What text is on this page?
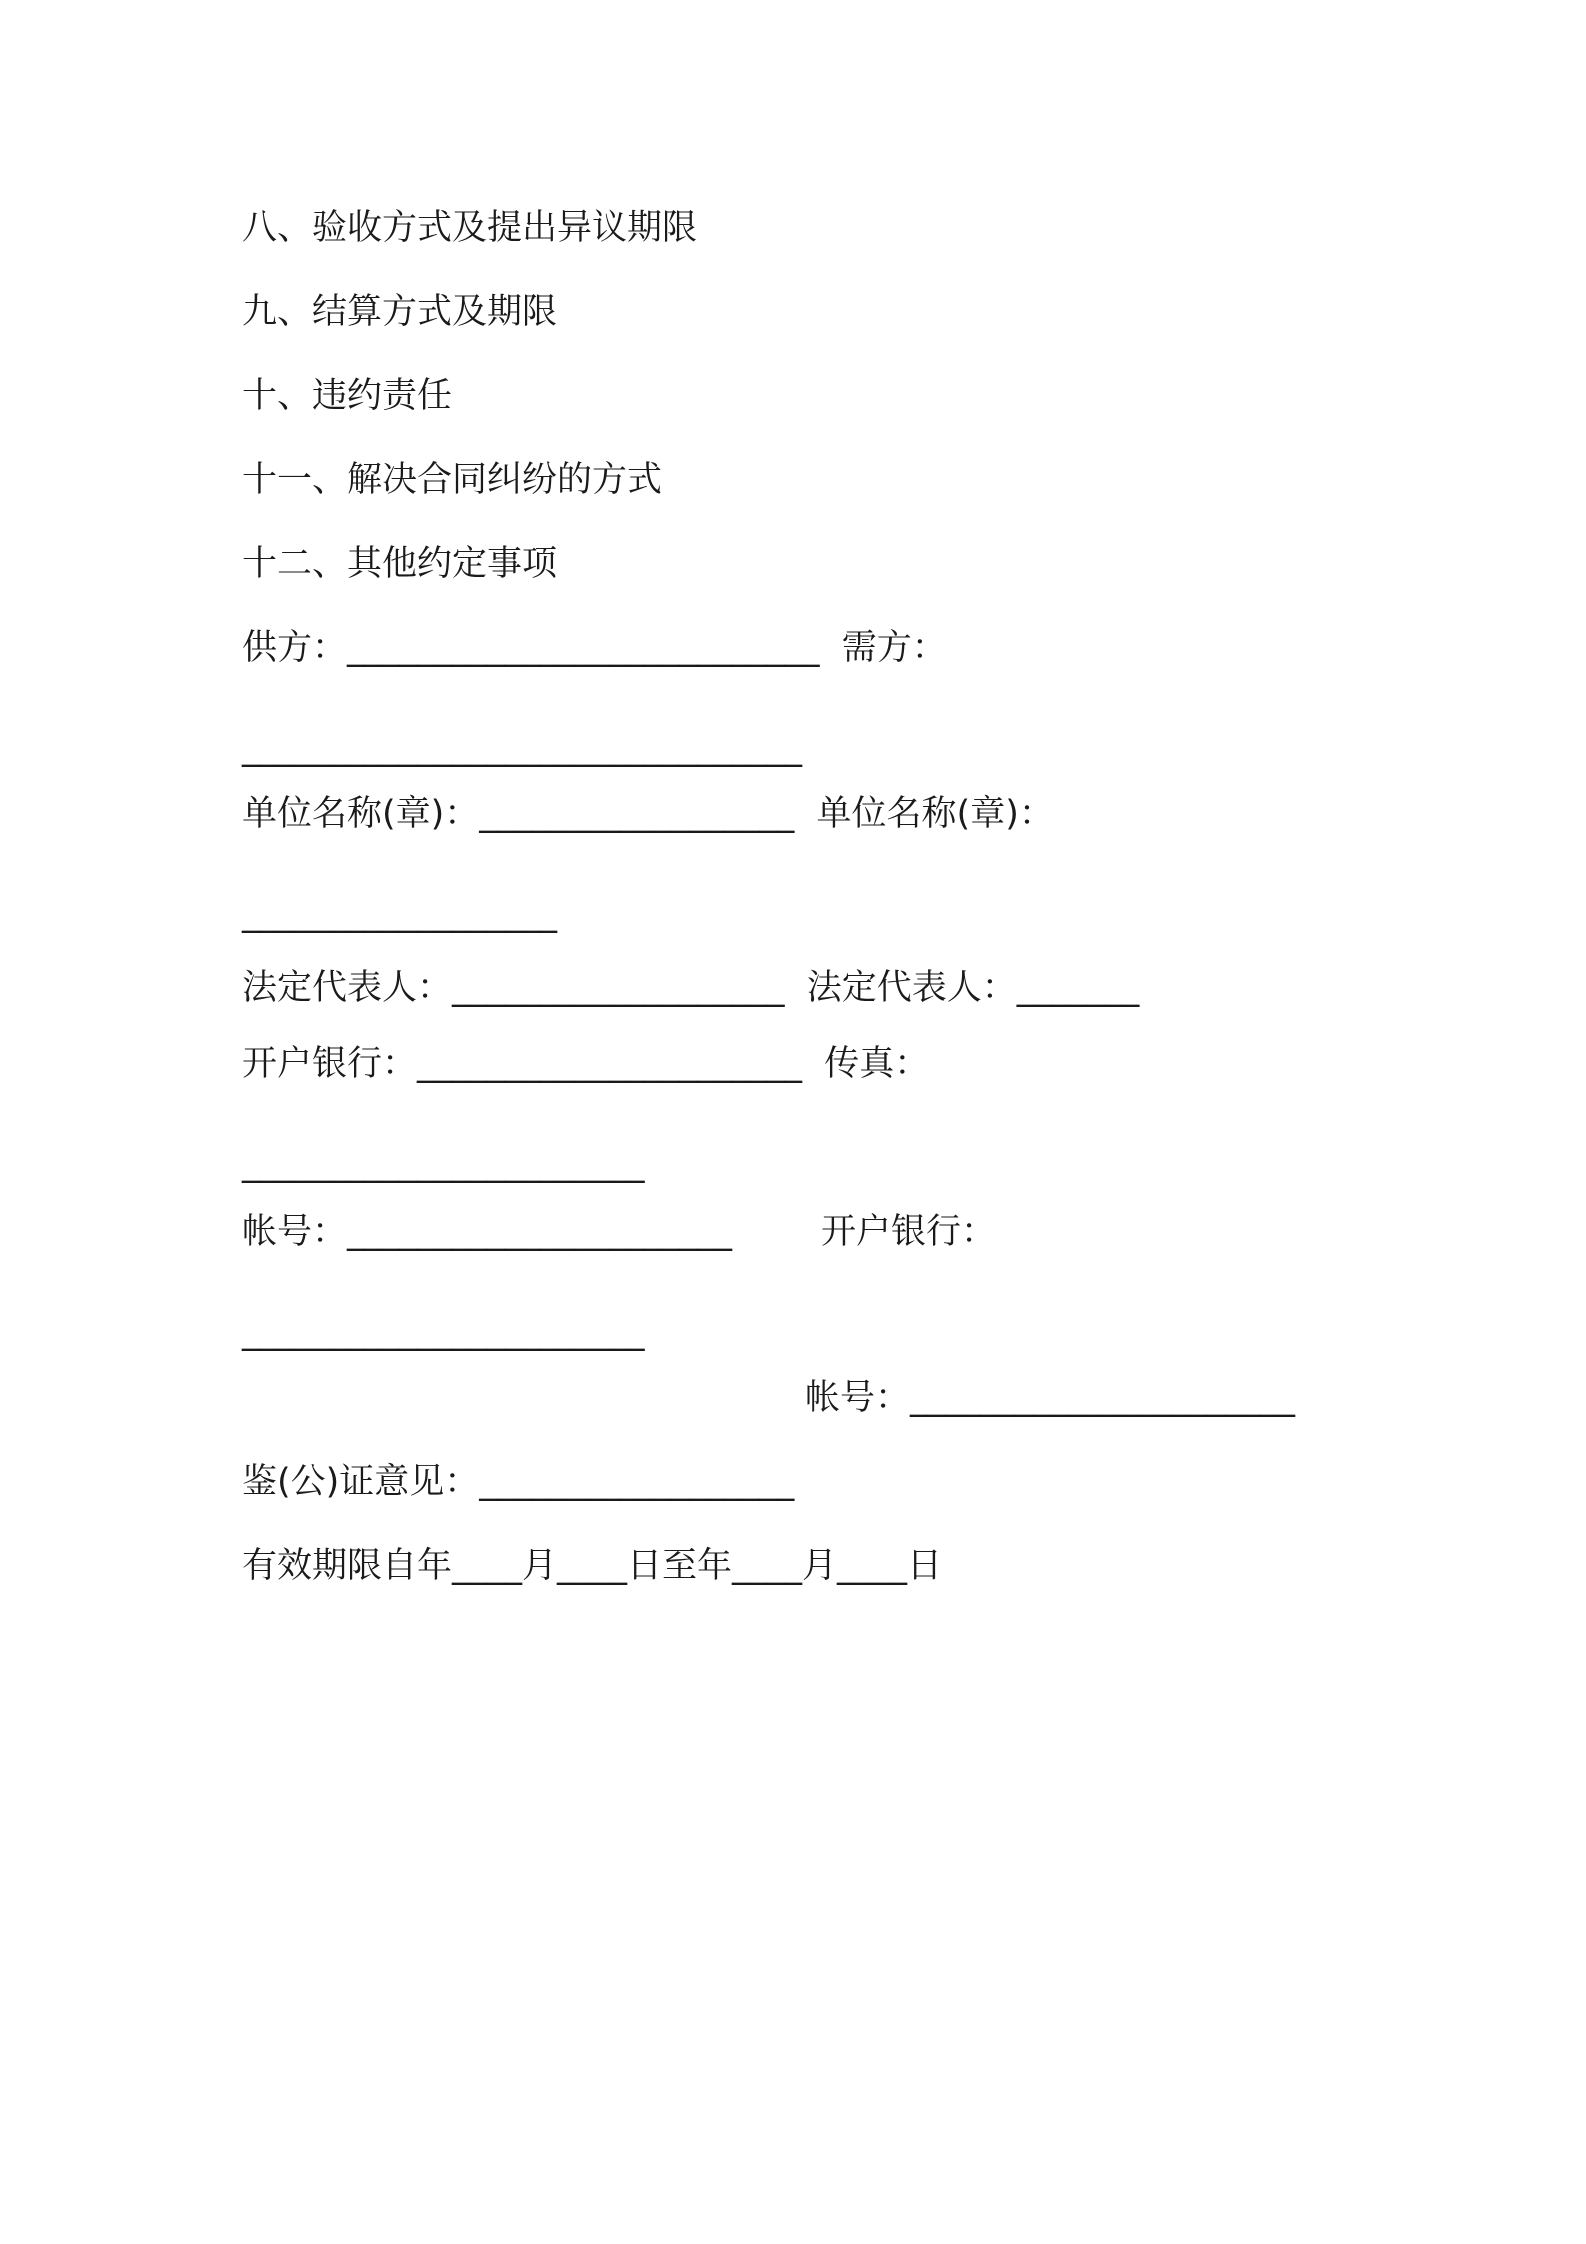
八、验收方式及提出异议期限
九、结算方式及期限
十、违约责任
十一、解决合同纠纷的方式
十二、其他约定事项
供方：___________________________  需方：
________________________________
单位名称(章)：__________________  单位名称(章)：
__________________
法定代表人：___________________  法定代表人：_______
开户银行：______________________  传真：
_______________________
帐号：______________________        开户银行：
_______________________
帐号：______________________
鉴(公)证意见：__________________
有效期限自年____月____日至年____月____日
